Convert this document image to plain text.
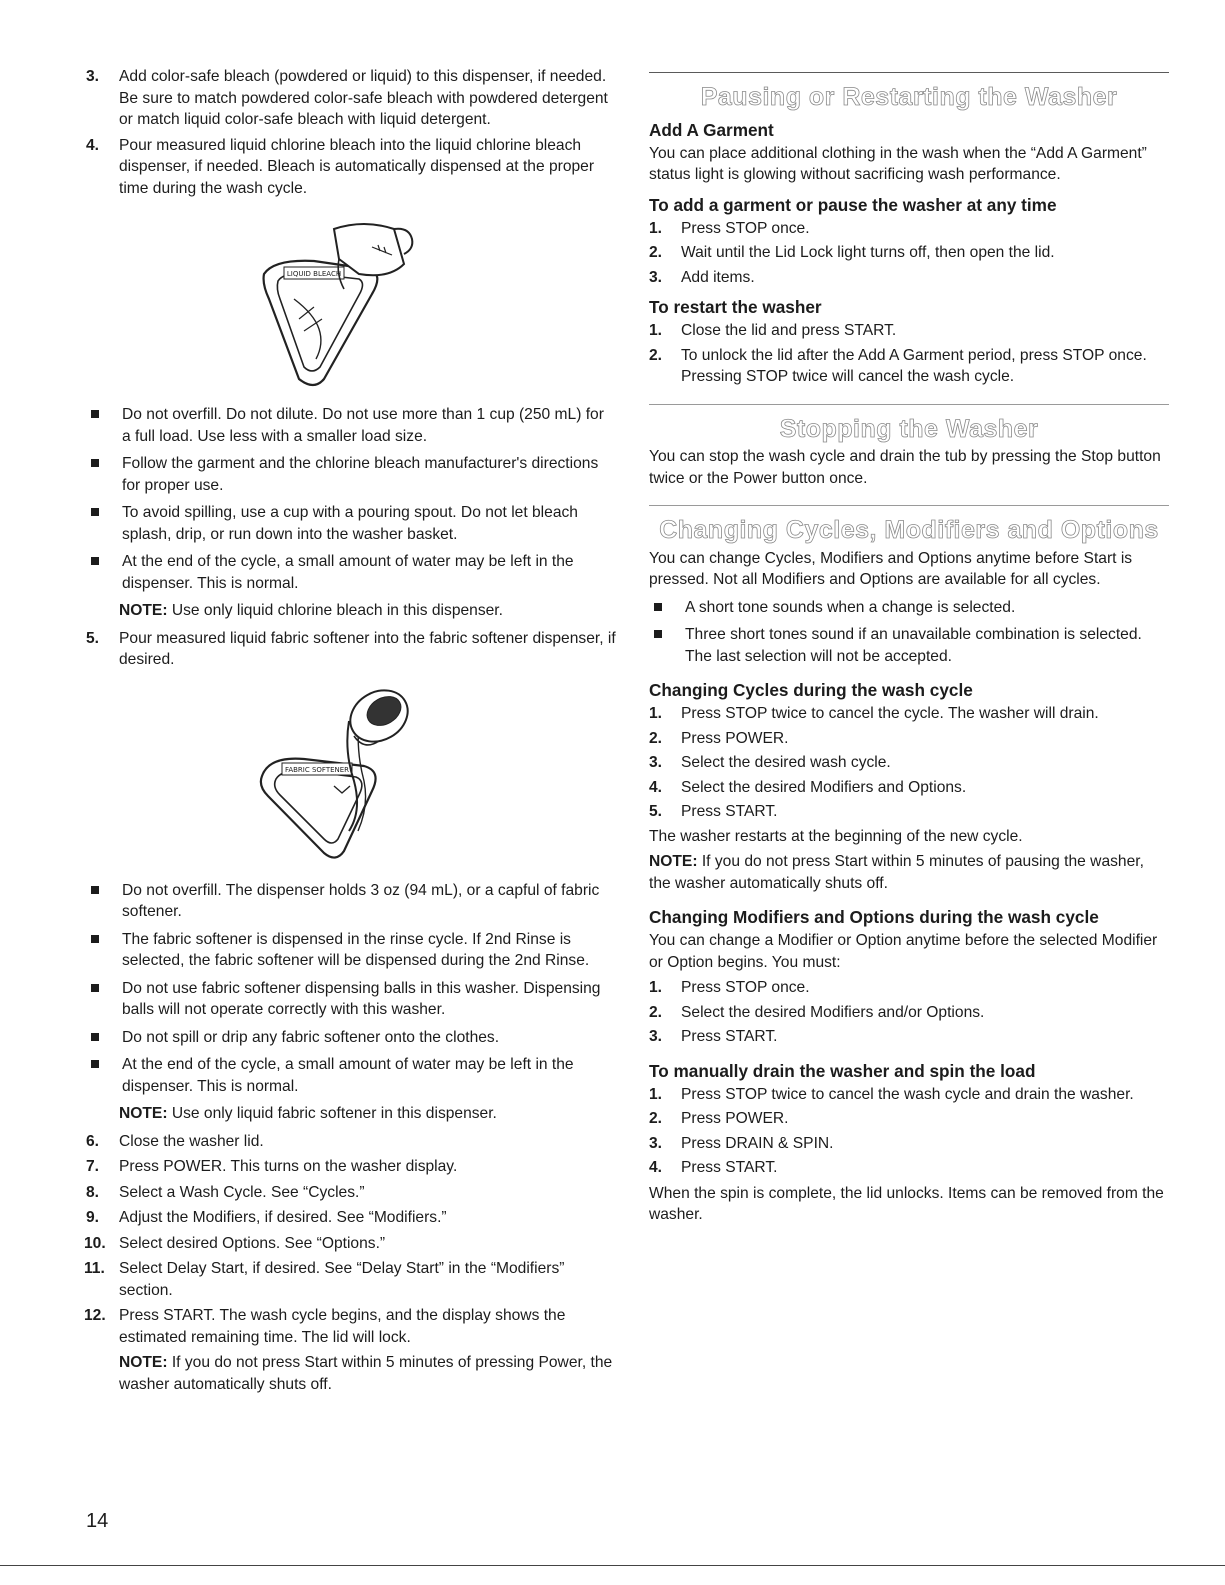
3. Add color-safe bleach (powdered or liquid) to this dispenser, if needed. Be sure to match powdered color-safe bleach with powdered detergent or match liquid color-safe bleach with liquid detergent.
4. Pour measured liquid chlorine bleach into the liquid chlorine bleach dispenser, if needed. Bleach is automatically dispensed at the proper time during the wash cycle.
LIQUID BLEACH
Do not overfill. Do not dilute. Do not use more than 1 cup (250 mL) for a full load. Use less with a smaller load size.
Follow the garment and the chlorine bleach manufacturer's directions for proper use.
To avoid spilling, use a cup with a pouring spout. Do not let bleach splash, drip, or run down into the washer basket.
At the end of the cycle, a small amount of water may be left in the dispenser. This is normal.
NOTE: Use only liquid chlorine bleach in this dispenser.
5. Pour measured liquid fabric softener into the fabric softener dispenser, if desired.
FABRIC SOFTENER
Do not overfill. The dispenser holds 3 oz (94 mL), or a capful of fabric softener.
The fabric softener is dispensed in the rinse cycle. If 2nd Rinse is selected, the fabric softener will be dispensed during the 2nd Rinse.
Do not use fabric softener dispensing balls in this washer. Dispensing balls will not operate correctly with this washer.
Do not spill or drip any fabric softener onto the clothes.
At the end of the cycle, a small amount of water may be left in the dispenser. This is normal.
NOTE: Use only liquid fabric softener in this dispenser.
6. Close the washer lid.
7. Press POWER. This turns on the washer display.
8. Select a Wash Cycle. See “Cycles.”
9. Adjust the Modifiers, if desired. See “Modifiers.”
10. Select desired Options. See “Options.”
11. Select Delay Start, if desired. See “Delay Start” in the “Modifiers” section.
12. Press START. The wash cycle begins, and the display shows the estimated remaining time. The lid will lock.
NOTE: If you do not press Start within 5 minutes of pressing Power, the washer automatically shuts off.
Pausing or Restarting the Washer
Add A Garment
You can place additional clothing in the wash when the “Add A Garment” status light is glowing without sacrificing wash performance.
To add a garment or pause the washer at any time
1. Press STOP once.
2. Wait until the Lid Lock light turns off, then open the lid.
3. Add items.
To restart the washer
1. Close the lid and press START.
2. To unlock the lid after the Add A Garment period, press STOP once. Pressing STOP twice will cancel the wash cycle.
Stopping the Washer
You can stop the wash cycle and drain the tub by pressing the Stop button twice or the Power button once.
Changing Cycles, Modifiers and Options
You can change Cycles, Modifiers and Options anytime before Start is pressed. Not all Modifiers and Options are available for all cycles.
A short tone sounds when a change is selected.
Three short tones sound if an unavailable combination is selected. The last selection will not be accepted.
Changing Cycles during the wash cycle
1. Press STOP twice to cancel the cycle. The washer will drain.
2. Press POWER.
3. Select the desired wash cycle.
4. Select the desired Modifiers and Options.
5. Press START.
The washer restarts at the beginning of the new cycle.
NOTE: If you do not press Start within 5 minutes of pausing the washer, the washer automatically shuts off.
Changing Modifiers and Options during the wash cycle
You can change a Modifier or Option anytime before the selected Modifier or Option begins. You must:
1. Press STOP once.
2. Select the desired Modifiers and/or Options.
3. Press START.
To manually drain the washer and spin the load
1. Press STOP twice to cancel the wash cycle and drain the washer.
2. Press POWER.
3. Press DRAIN & SPIN.
4. Press START.
When the spin is complete, the lid unlocks. Items can be removed from the washer.
14
